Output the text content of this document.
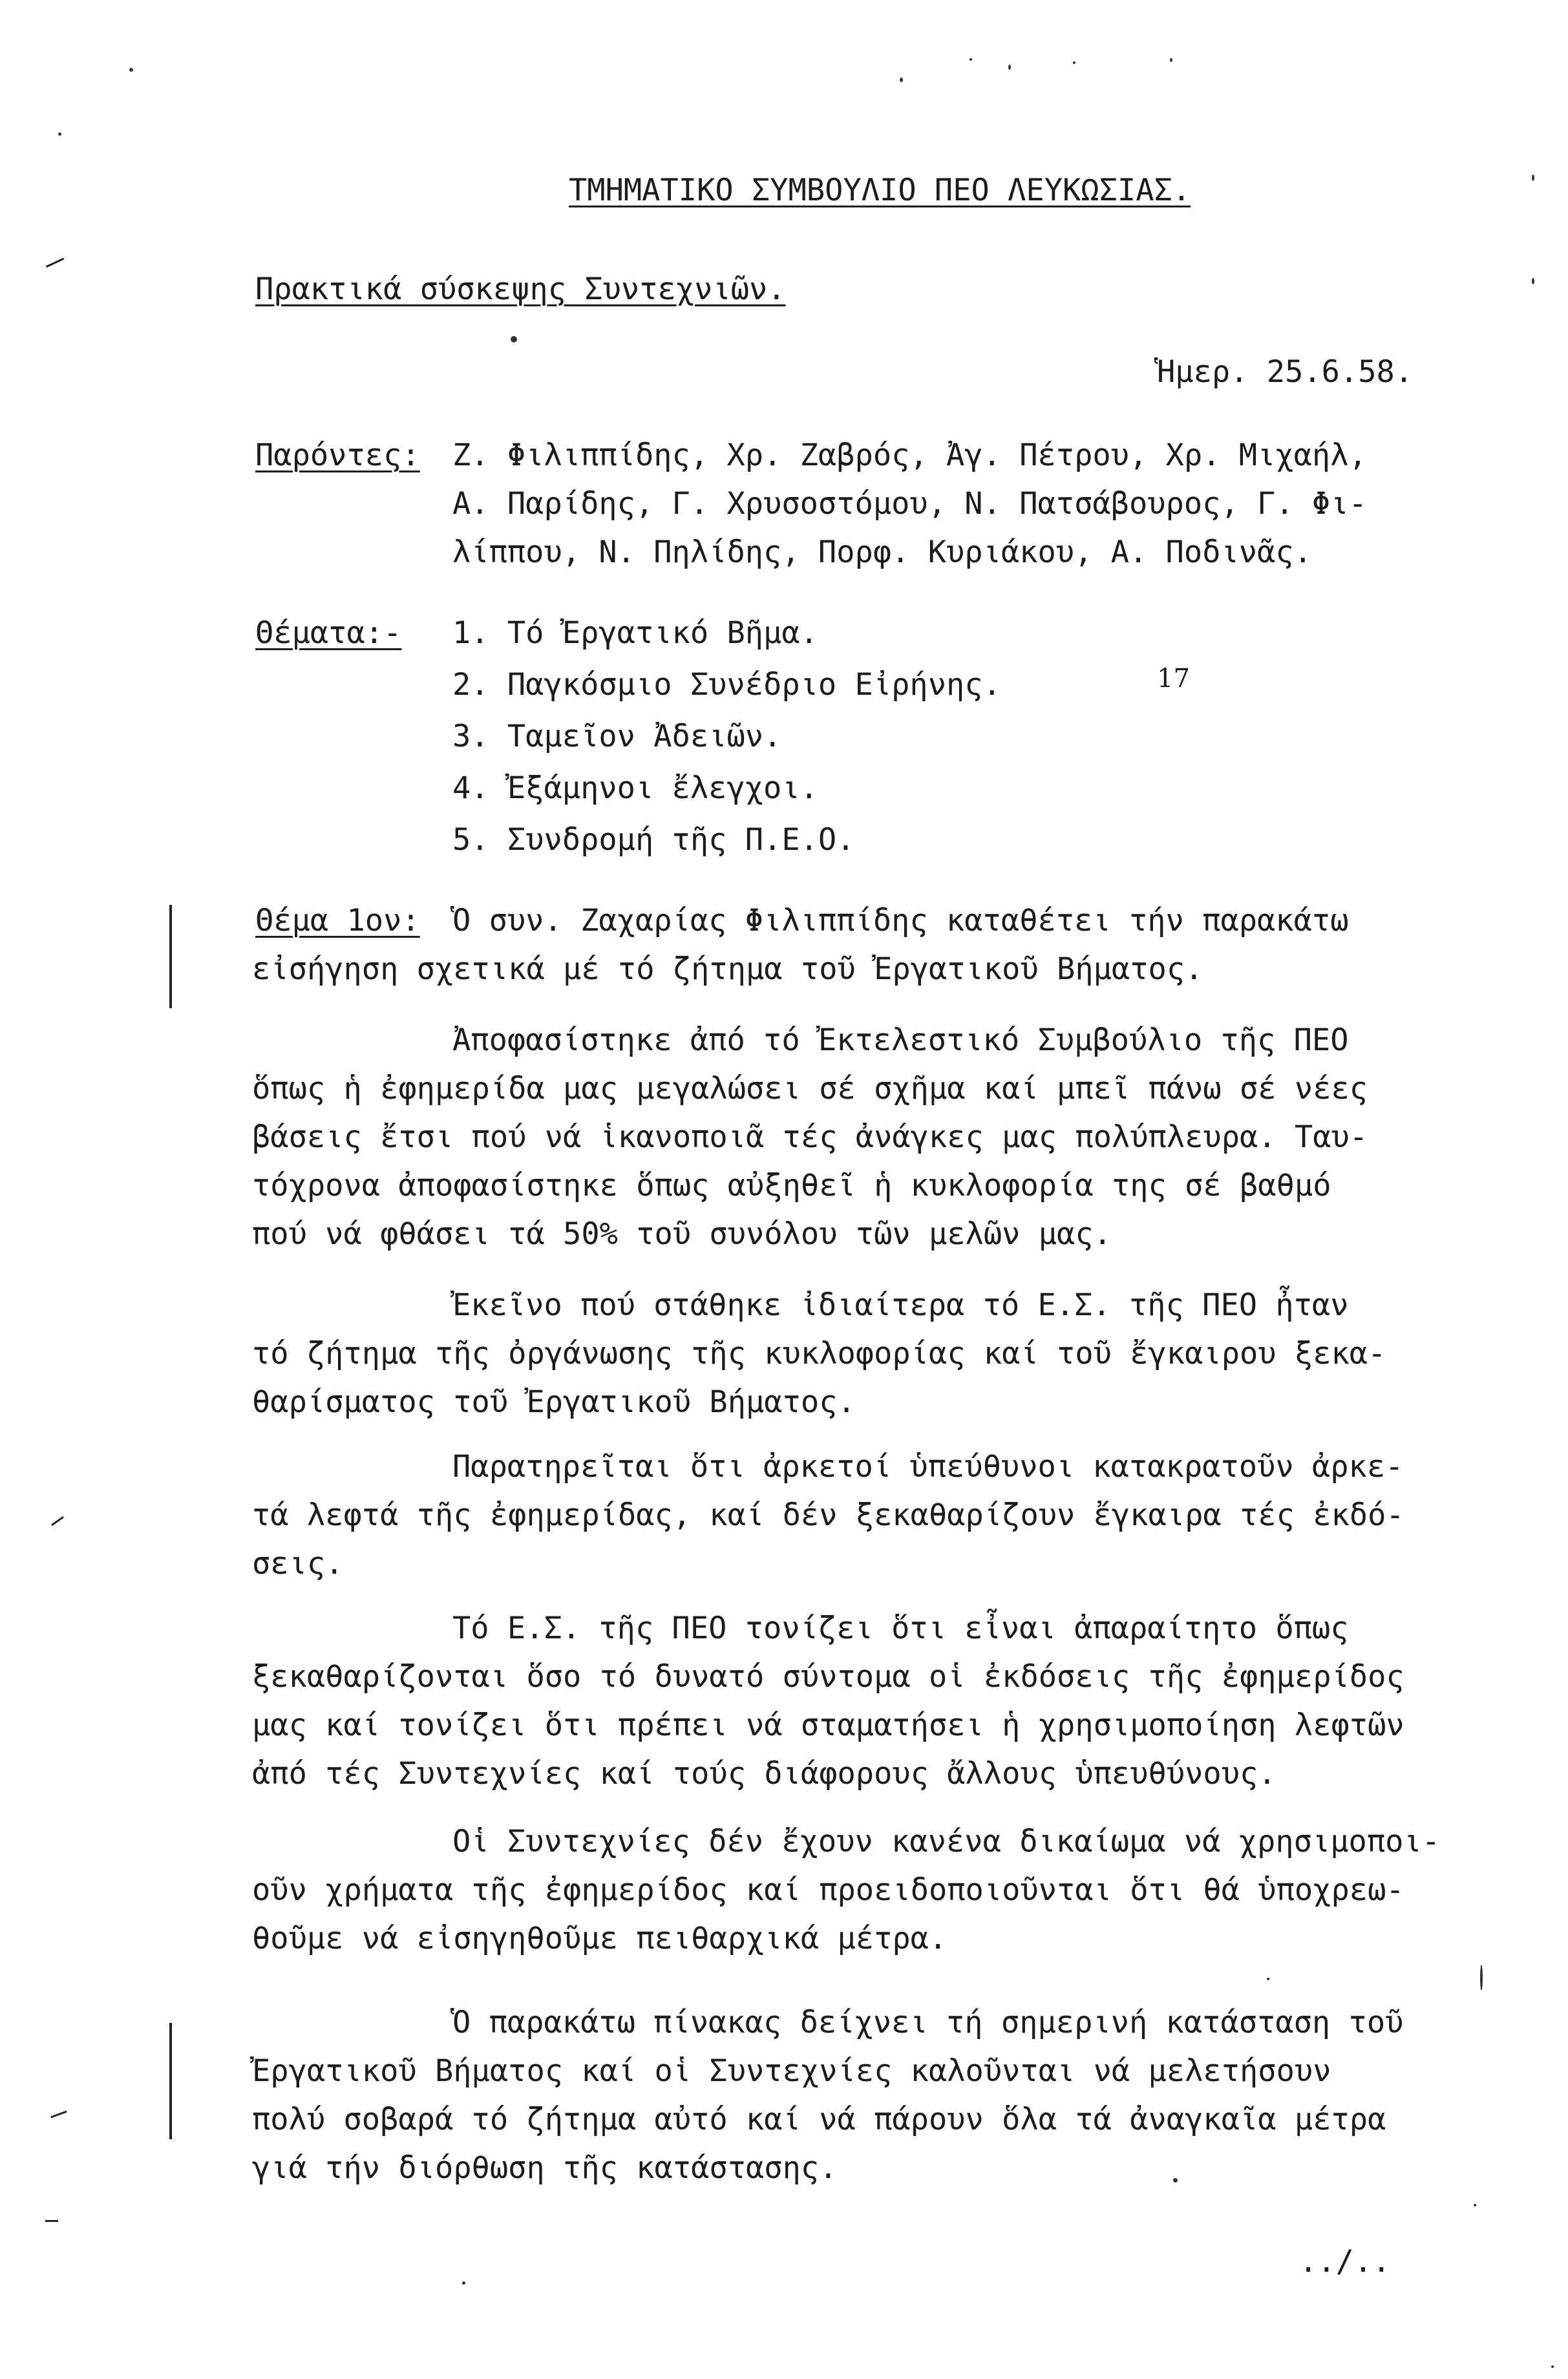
ΤΜΗΜΑΤΙΚΟ ΣΥΜΒΟΥΛΙΟ ΠΕΟ ΛΕΥΚΩΣΙΑΣ.
Πρακτικά σύσκεψης Συντεχνιῶν.
Ἡμερ. 25.6.58.
Παρόντες: Ζ. Φιλιππίδης, Χρ. Ζαβρός, Ἀγ. Πέτρου, Χρ. Μιχαήλ,
Α. Παρίδης, Γ. Χρυσοστόμου, Ν. Πατσάβουρος, Γ. Φι-
λίππου, Ν. Πηλίδης, Πορφ. Κυριάκου, Α. Ποδινᾶς.
Θέματα:- 1. Τό Ἐργατικό Βῆμα.
2. Παγκόσμιο Συνέδριο Εἰρήνης.
3. Ταμεῖον Ἀδειῶν.
4. Ἐξάμηνοι ἔλεγχοι.
5. Συνδρομή τῆς Π.Ε.Ο.
17
Θέμα 1ον: Ὁ συν. Ζαχαρίας Φιλιππίδης καταθέτει τήν παρακάτω
εἰσήγηση σχετικά μέ τό ζήτημα τοῦ Ἐργατικοῦ Βήματος.
Ἀποφασίστηκε ἀπό τό Ἐκτελεστικό Συμβούλιο τῆς ΠΕΟ
ὅπως ἡ ἐφημερίδα μας μεγαλώσει σέ σχῆμα καί μπεῖ πάνω σέ νέες
βάσεις ἔτσι πού νά ἱκανοποιᾶ τές ἀνάγκες μας πολύπλευρα. Ταυ-
τόχρονα ἀποφασίστηκε ὅπως αὐξηθεῖ ἡ κυκλοφορία της σέ βαθμό
πού νά φθάσει τά 50% τοῦ συνόλου τῶν μελῶν μας.
Ἐκεῖνο πού στάθηκε ἰδιαίτερα τό Ε.Σ. τῆς ΠΕΟ ἦταν
τό ζήτημα τῆς ὀργάνωσης τῆς κυκλοφορίας καί τοῦ ἔγκαιρου ξεκα-
θαρίσματος τοῦ Ἐργατικοῦ Βήματος.
Παρατηρεῖται ὅτι ἀρκετοί ὑπεύθυνοι κατακρατοῦν ἀρκε-
τά λεφτά τῆς ἐφημερίδας, καί δέν ξεκαθαρίζουν ἔγκαιρα τές ἐκδό-
σεις.
Τό Ε.Σ. τῆς ΠΕΟ τονίζει ὅτι εἶναι ἀπαραίτητο ὅπως
ξεκαθαρίζονται ὅσο τό δυνατό σύντομα οἱ ἐκδόσεις τῆς ἐφημερίδος
μας καί τονίζει ὅτι πρέπει νά σταματήσει ἡ χρησιμοποίηση λεφτῶν
ἀπό τές Συντεχνίες καί τούς διάφορους ἄλλους ὑπευθύνους.
Οἱ Συντεχνίες δέν ἔχουν κανένα δικαίωμα νά χρησιμοποι-
οῦν χρήματα τῆς ἐφημερίδος καί προειδοποιοῦνται ὅτι θά ὑποχρεω-
θοῦμε νά εἰσηγηθοῦμε πειθαρχικά μέτρα.
Ὁ παρακάτω πίνακας δείχνει τή σημερινή κατάσταση τοῦ
Ἐργατικοῦ Βήματος καί οἱ Συντεχνίες καλοῦνται νά μελετήσουν
πολύ σοβαρά τό ζήτημα αὐτό καί νά πάρουν ὅλα τά ἀναγκαῖα μέτρα
γιά τήν διόρθωση τῆς κατάστασης.
../..
